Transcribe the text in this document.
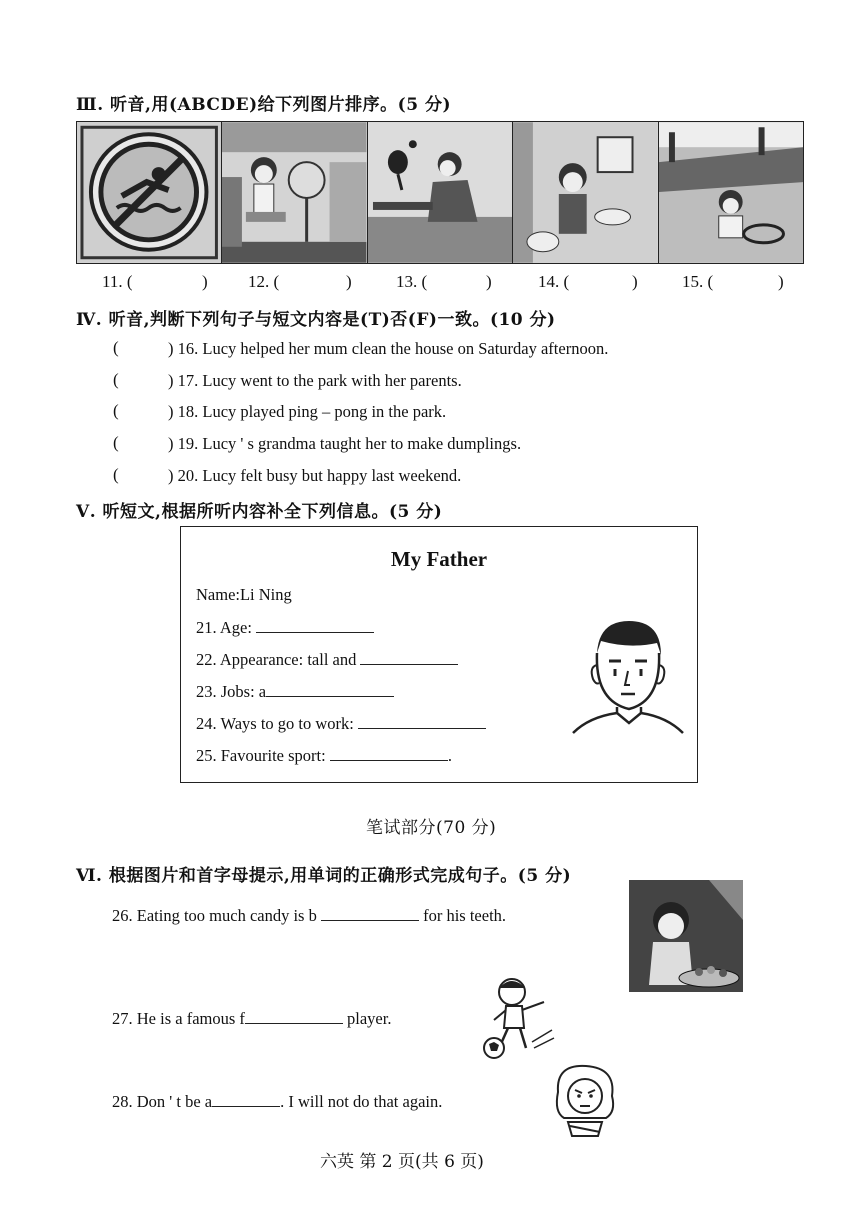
Ⅲ. 听音,用(ABCDE)给下列图片排序。(5 分)
11. (	) 12. (	)	13. (	)	14. (	)	15. (	)
Ⅳ. 听音,判断下列句子与短文内容是(T)否(F)一致。(10 分)
(	) 16. Lucy helped her mum clean the house on Saturday afternoon.
(	) 17. Lucy went to the park with her parents.
(	) 18. Lucy played ping – pong in the park.
(	) 19. Lucy ' s grandma taught her to make dumplings.
(	) 20. Lucy felt busy but happy last weekend.
Ⅴ. 听短文,根据所听内容补全下列信息。(5 分)
My Father
Name:Li Ning
21. Age:
22. Appearance: tall and
23. Jobs: a
24. Ways to go to work:
25. Favourite sport:	.
笔试部分(70 分)
Ⅵ. 根据图片和首字母提示,用单词的正确形式完成句子。(5 分)
26. Eating too much candy is b	for his teeth.
27. He is a famous f	player.
28. Don ' t be a	. I will not do that again.
六英 第 2 页(共 6 页)
